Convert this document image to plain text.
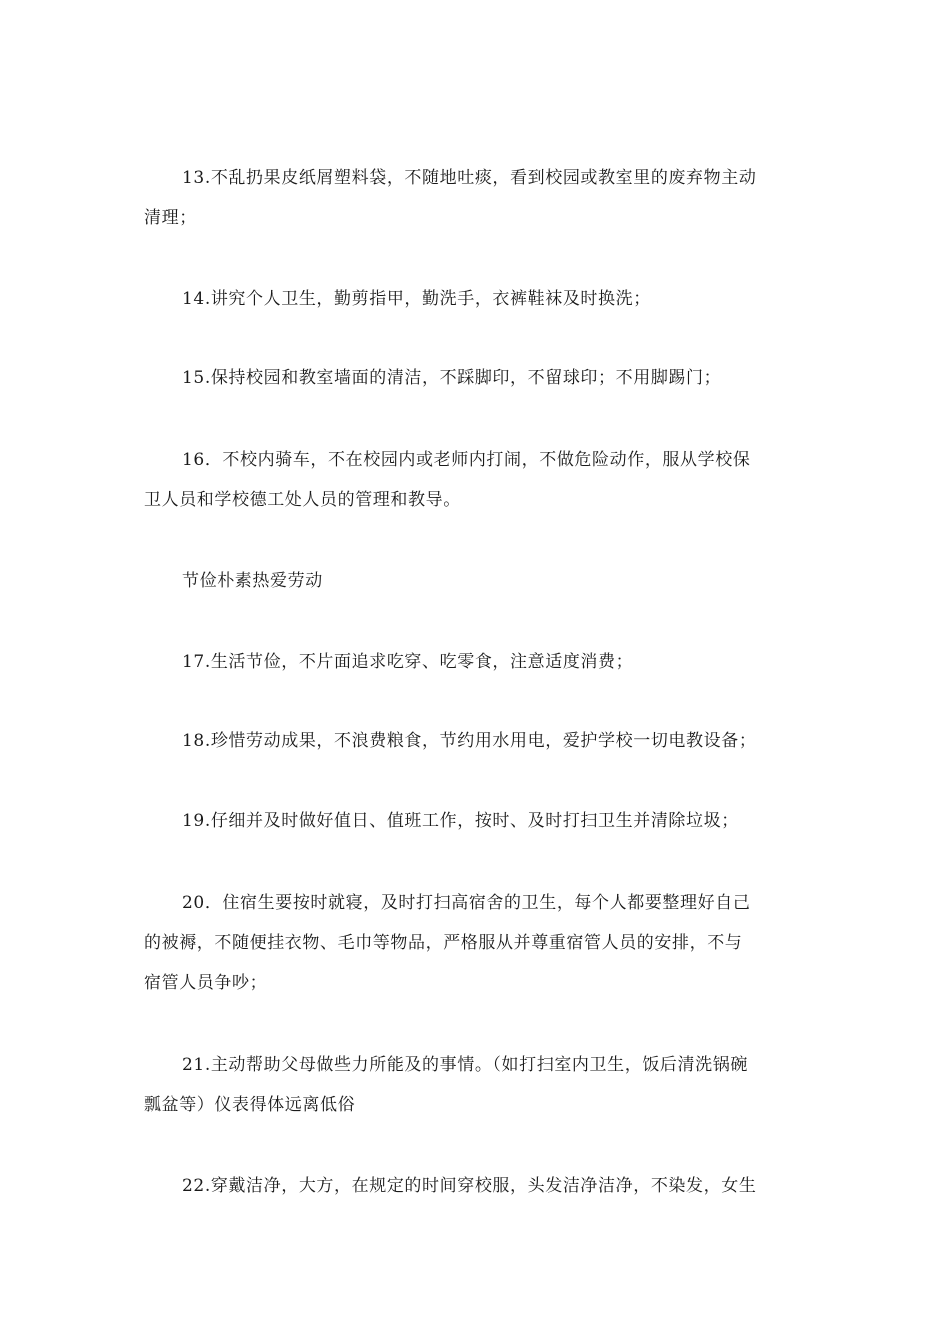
13.不乱扔果皮纸屑塑料袋，不随地吐痰，看到校园或教室里的废弃物主动
清理；

14.讲究个人卫生，勤剪指甲，勤洗手，衣裤鞋袜及时换洗；

15.保持校园和教室墙面的清洁，不踩脚印，不留球印；不用脚踢门；

16．不校内骑车，不在校园内或老师内打闹，不做危险动作，服从学校保
卫人员和学校德工处人员的管理和教导。

节俭朴素热爱劳动

17.生活节俭，不片面追求吃穿、吃零食，注意适度消费；

18.珍惜劳动成果，不浪费粮食，节约用水用电，爱护学校一切电教设备；

19.仔细并及时做好值日、值班工作，按时、及时打扫卫生并清除垃圾；

20．住宿生要按时就寝，及时打扫高宿舍的卫生，每个人都要整理好自己
的被褥，不随便挂衣物、毛巾等物品，严格服从并尊重宿管人员的安排，不与
宿管人员争吵；

21.主动帮助父母做些力所能及的事情。（如打扫室内卫生，饭后清洗锅碗
瓢盆等）仪表得体远离低俗

22.穿戴洁净，大方，在规定的时间穿校服，头发洁净洁净，不染发，女生
